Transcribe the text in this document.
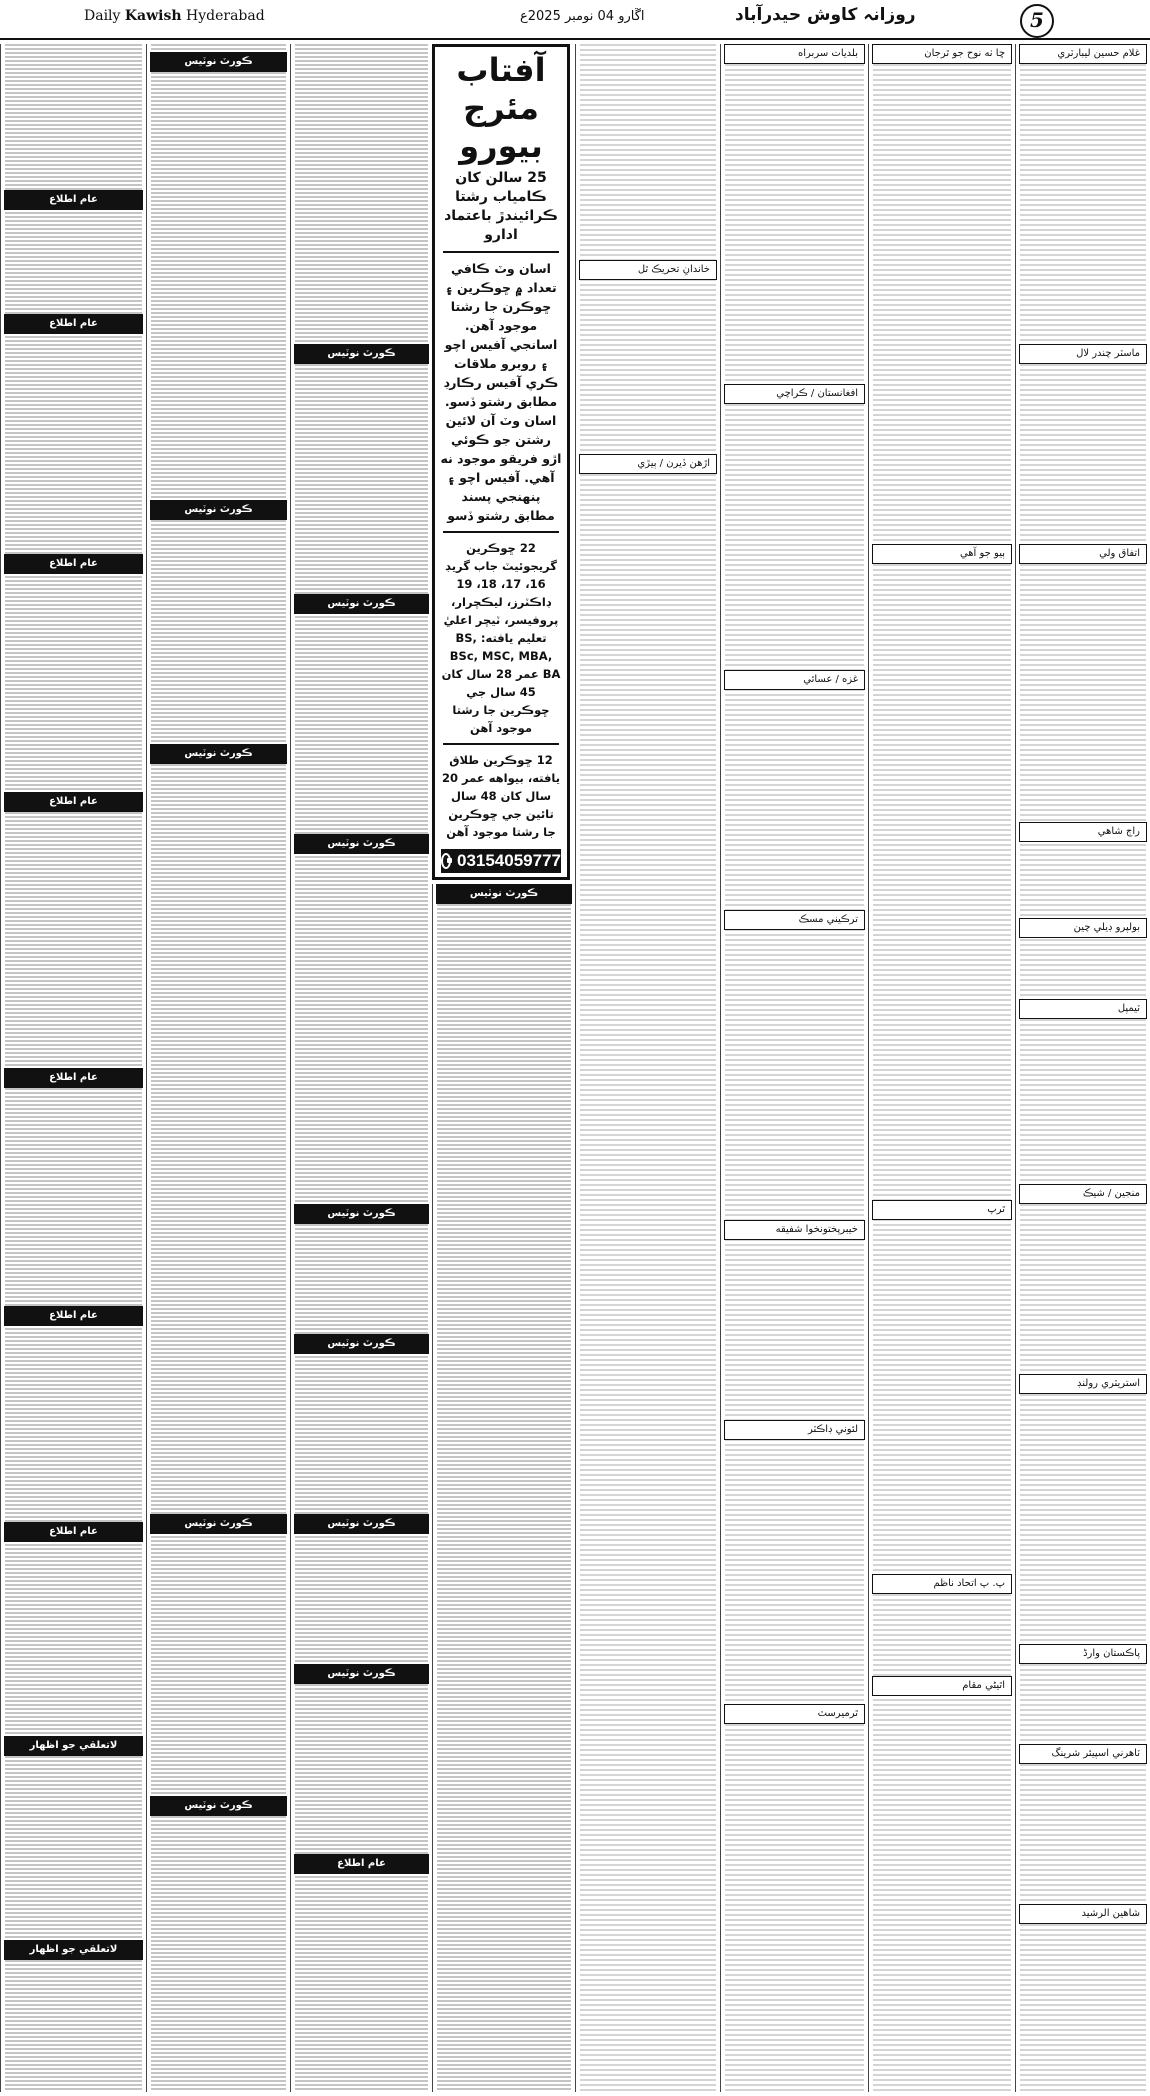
Daily Kawish Hyderabad	اڱارو 04 نومبر 2025ع	روزانہ کاوش حیدرآباد	5
غلام حسين ليبارٽري
ماسٽر چندر لال
اتفاق ولي
راڄ شاهي
بولپرو ڊيلي چين
ٽيمپل
منجين / شيڪ
استريٽري رولنڊ
پاڪستان وارڈ
ٽاهرني اسپيئر شرينگ
شاهين الرشيد
ڇا ٺه نوح جو ٿرجان
ٻيو جو آهي
ٿرپ
پ. پ اتحاد ناظم
اٿيڻي مقام
بلديات سربراه
افغانستان / ڪراچي
غزه / عسائي
ترڪيني مسڪ
خيبرپختونخوا شفيقه
لئوني ڊاڪٽر
ٿرميرسٽ
خاندانِ تحريڪ ٿل
اڙهن ڏيرن / ٻيڙي
آفتاب مئرج بيورو
25 سالن کان ڪامياب رشتا ڪرائيندڙ باعتماد ادارو
اسان وٽ ڪافي تعداد ۾ ڇوڪرين ۽ ڇوڪرن جا رشتا موجود آهن. اسانجي آفيس اچو ۽ روبرو ملاقات ڪري آفيس رڪارڊ مطابق رشتو ڏسو. اسان وٽ آن لائين رشتن جو ڪوئي اڙو فريقو موجود نه آهي. آفيس اچو ۽ پنهنجي پسند مطابق رشتو ڏسو
22 ڇوڪرين گريجوئيٽ جاب گريڊ 16، 17، 18، 19 ڊاڪٽرز، ليڪچرار، پروفيسر، ٽيچر اعليٰ تعليم يافته: BS, BSc, MSC, MBA, BA عمر 28 سال کان 45 سال جي ڇوڪرين جا رشتا موجود آهن
12 ڇوڪرين طلاق يافته، بيواهه عمر 20 سال کان 48 سال تائين جي ڇوڪرين جا رشتا موجود آهن
03154059777
ڪورٽ نوٽيس
ڪورٽ نوٽيس
ڪورٽ نوٽيس
ڪورٽ نوٽيس
ڪورٽ نوٽيس
ڪورٽ نوٽيس
ڪورٽ نوٽيس
عام اطلاع
عام اطلاع
عام اطلاع
عام اطلاع
عام اطلاع
عام اطلاع
عام اطلاع
لاتعلقي جو اظهار
لاتعلقي جو اظهار
ڪورٽ نوٽيس
ڪورٽ نوٽيس
ڪورٽ نوٽيس
ڪورٽ نوٽيس
ڪورٽ نوٽيس
ڪورٽ نوٽيس
عام اطلاع
